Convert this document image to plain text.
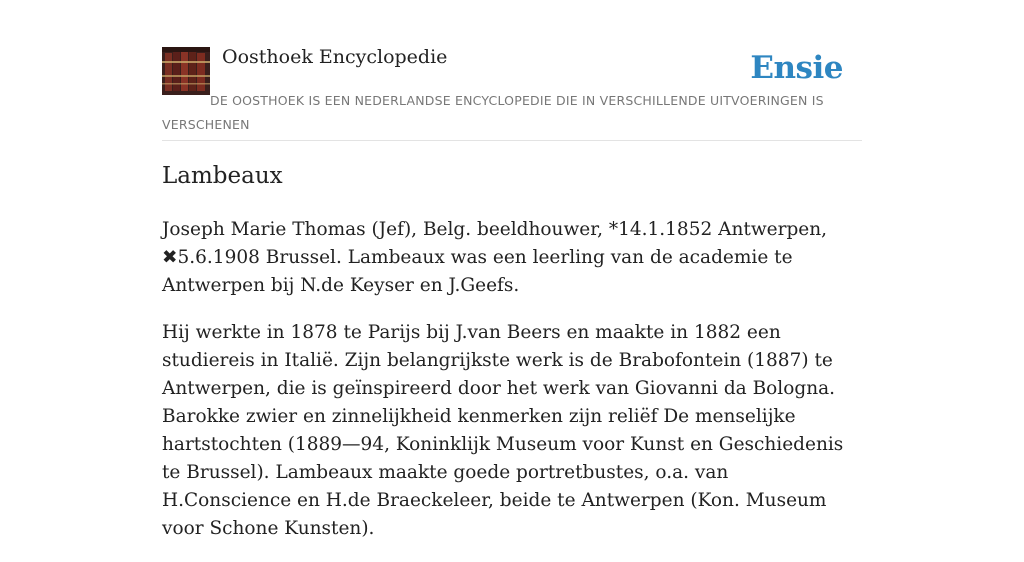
Oosthoek Encyclopedie	Ensie
DE OOSTHOEK IS EEN NEDERLANDSE ENCYCLOPEDIE DIE IN VERSCHILLENDE UITVOERINGEN IS VERSCHENEN
Lambeaux

Joseph Marie Thomas (Jef), Belg. beeldhouwer, *14.1.1852 Antwerpen, ✖5.6.1908 Brussel. Lambeaux was een leerling van de academie te Antwerpen bij N.de Keyser en J.Geefs.

Hij werkte in 1878 te Parijs bij J.van Beers en maakte in 1882 een studiereis in Italië. Zijn belangrijkste werk is de Brabofontein (1887) te Antwerpen, die is geïnspireerd door het werk van Giovanni da Bologna. Barokke zwier en zinnelijkheid kenmerken zijn reliëf De menselijke hartstochten (1889—94, Koninklijk Museum voor Kunst en Geschiedenis te Brussel). Lambeaux maakte goede portretbustes, o.a. van H.Conscience en H.de Braeckeleer, beide te Antwerpen (Kon. Museum voor Schone Kunsten).
